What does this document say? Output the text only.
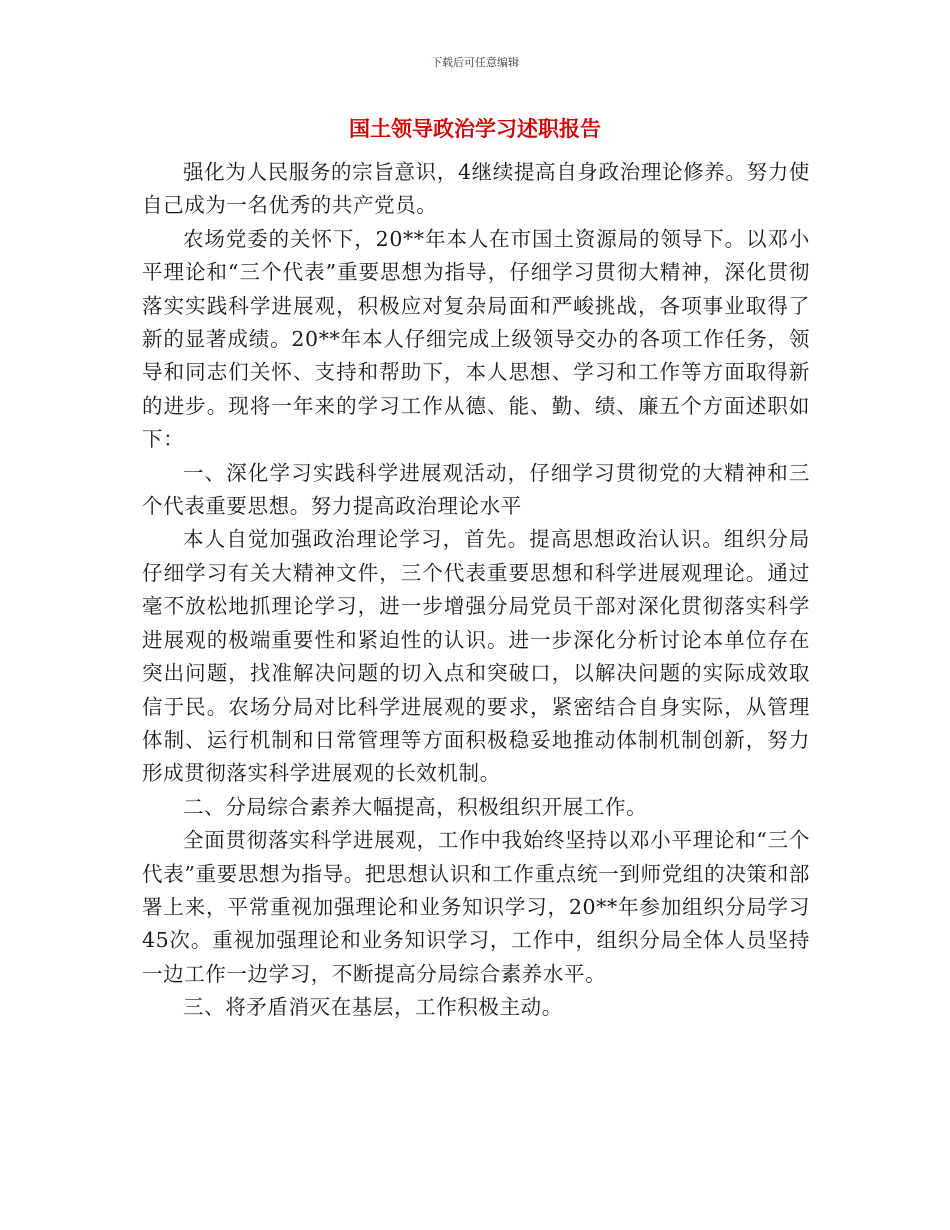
下载后可任意编辑
国土领导政治学习述职报告

强化为人民服务的宗旨意识，4继续提高自身政治理论修养。努力使自己成为一名优秀的共产党员。

农场党委的关怀下，20**年本人在市国土资源局的领导下。以邓小平理论和“三个代表”重要思想为指导，仔细学习贯彻大精神，深化贯彻落实实践科学进展观，积极应对复杂局面和严峻挑战，各项事业取得了新的显著成绩。20**年本人仔细完成上级领导交办的各项工作任务，领导和同志们关怀、支持和帮助下，本人思想、学习和工作等方面取得新的进步。现将一年来的学习工作从德、能、勤、绩、廉五个方面述职如下：

一、深化学习实践科学进展观活动，仔细学习贯彻党的大精神和三个代表重要思想。努力提高政治理论水平

本人自觉加强政治理论学习，首先。提高思想政治认识。组织分局仔细学习有关大精神文件，三个代表重要思想和科学进展观理论。通过毫不放松地抓理论学习，进一步增强分局党员干部对深化贯彻落实科学进展观的极端重要性和紧迫性的认识。进一步深化分析讨论本单位存在突出问题，找准解决问题的切入点和突破口，以解决问题的实际成效取信于民。农场分局对比科学进展观的要求，紧密结合自身实际，从管理体制、运行机制和日常管理等方面积极稳妥地推动体制机制创新，努力形成贯彻落实科学进展观的长效机制。

二、分局综合素养大幅提高，积极组织开展工作。

全面贯彻落实科学进展观，工作中我始终坚持以邓小平理论和“三个代表”重要思想为指导。把思想认识和工作重点统一到师党组的决策和部署上来，平常重视加强理论和业务知识学习，20**年参加组织分局学习45次。重视加强理论和业务知识学习，工作中，组织分局全体人员坚持一边工作一边学习，不断提高分局综合素养水平。

三、将矛盾消灭在基层，工作积极主动。
